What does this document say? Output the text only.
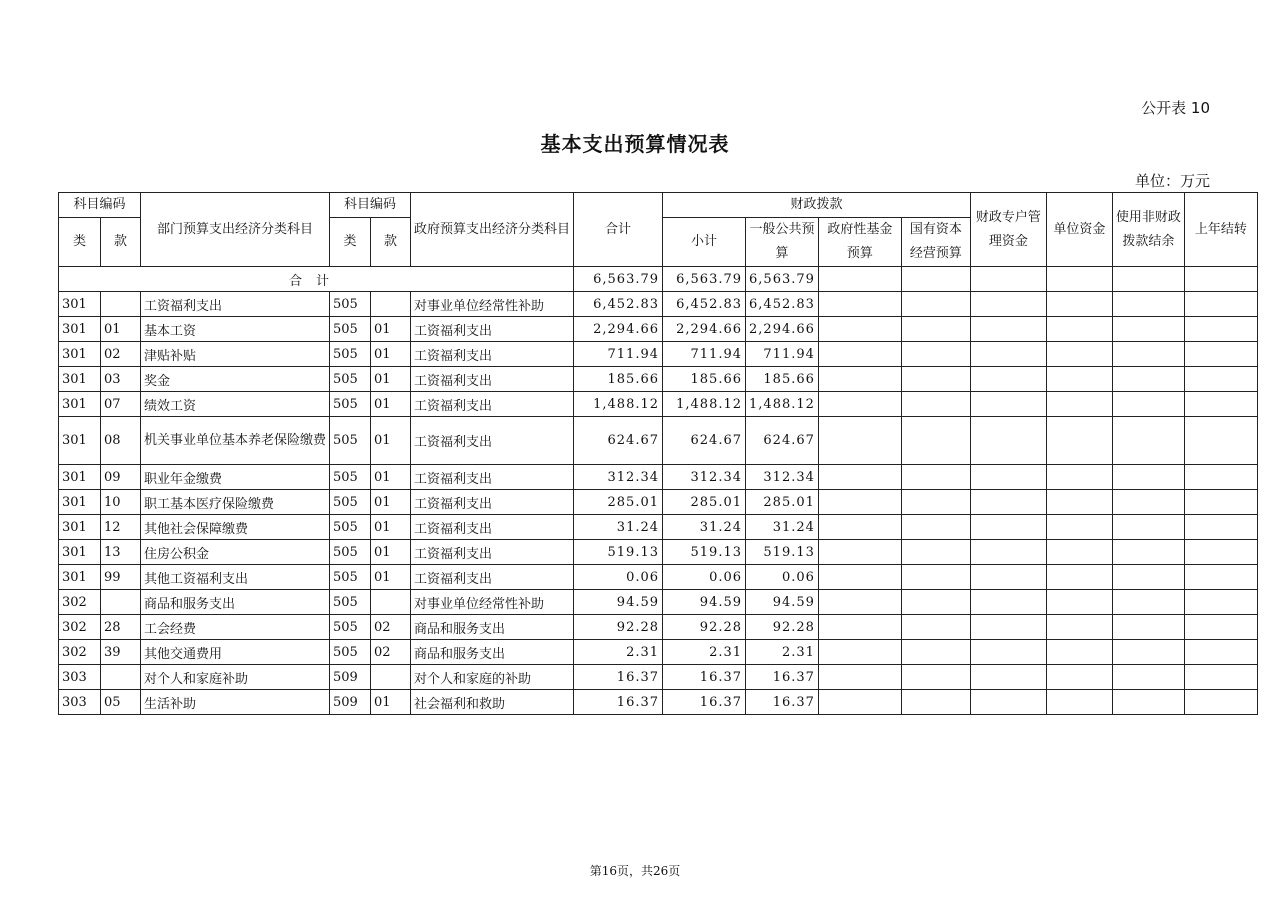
公开表 10
基本支出预算情况表
单位：万元
科目编码		部门预算支出经济分类科目	科目编码		政府预算支出经济分类科目	合计	财政拨款				财政专户管理资金	单位资金	使用非财政拨款结余	上年结转
类	款		类	款			小计	一般公共预算	政府性基金预算	国有资本经营预算				
合计						6,563.79	6,563.79	6,563.79						
301		工资福利支出	505		对事业单位经常性补助	6,452.83	6,452.83	6,452.83						
301	01	基本工资	505	01	工资福利支出	2,294.66	2,294.66	2,294.66						
301	02	津贴补贴	505	01	工资福利支出	711.94	711.94	711.94						
301	03	奖金	505	01	工资福利支出	185.66	185.66	185.66						
301	07	绩效工资	505	01	工资福利支出	1,488.12	1,488.12	1,488.12						
301	08	机关事业单位基本养老保险缴费	505	01	工资福利支出	624.67	624.67	624.67						
301	09	职业年金缴费	505	01	工资福利支出	312.34	312.34	312.34						
301	10	职工基本医疗保险缴费	505	01	工资福利支出	285.01	285.01	285.01						
301	12	其他社会保障缴费	505	01	工资福利支出	31.24	31.24	31.24						
301	13	住房公积金	505	01	工资福利支出	519.13	519.13	519.13						
301	99	其他工资福利支出	505	01	工资福利支出	0.06	0.06	0.06						
302		商品和服务支出	505		对事业单位经常性补助	94.59	94.59	94.59						
302	28	工会经费	505	02	商品和服务支出	92.28	92.28	92.28						
302	39	其他交通费用	505	02	商品和服务支出	2.31	2.31	2.31						
303		对个人和家庭补助	509		对个人和家庭的补助	16.37	16.37	16.37						
303	05	生活补助	509	01	社会福利和救助	16.37	16.37	16.37						
第16页，共26页
